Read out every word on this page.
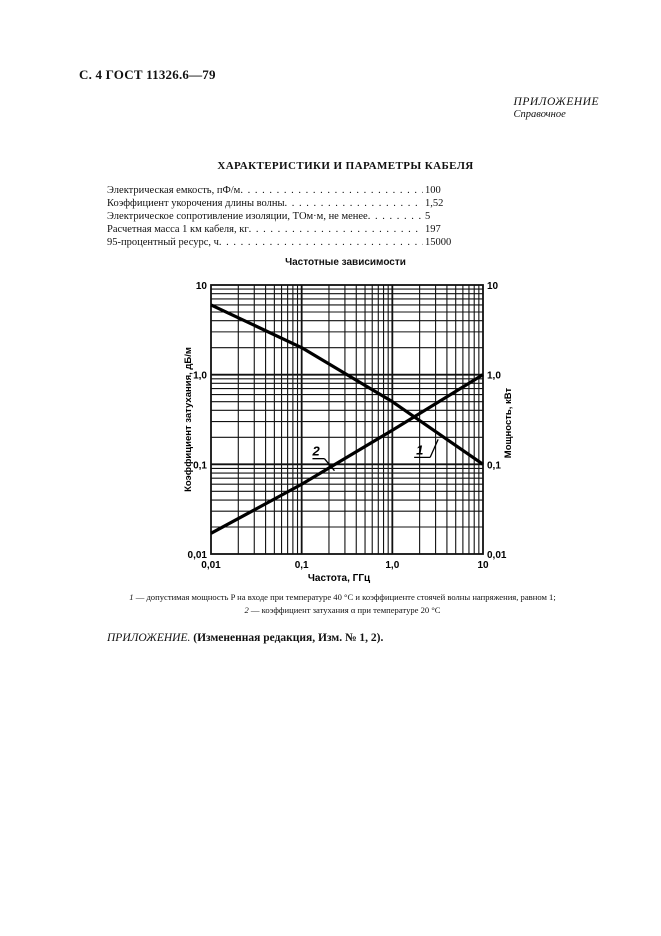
С. 4 ГОСТ 11326.6—79
ПРИЛОЖЕНИЕ
Справочное
ХАРАКТЕРИСТИКИ И ПАРАМЕТРЫ КАБЕЛЯ
Электрическая емкость, пФ/м . . .	100
Коэффициент укорочения длины волны . . .	1,52
Электрическое сопротивление изоляции, ТОм·м, не менее . . .	5
Расчетная масса 1 км кабеля, кг . . .	197
95-процентный ресурс, ч . . .	15000
Частотные зависимости
0,01	0,1	1,0	10
0,01
0,1
1,0
10
0,01
0,1
1,0
10
Частота, ГГц
Коэффициент затухания, дБ/м	Мощность, кВт
1
2
1 — допустимая мощность P на входе при температуре 40 °С и коэффициенте стоячей волны напряжения, равном 1;
2 — коэффициент затухания α при температуре 20 °С
ПРИЛОЖЕНИЕ. (Измененная редакция, Изм. № 1, 2).
